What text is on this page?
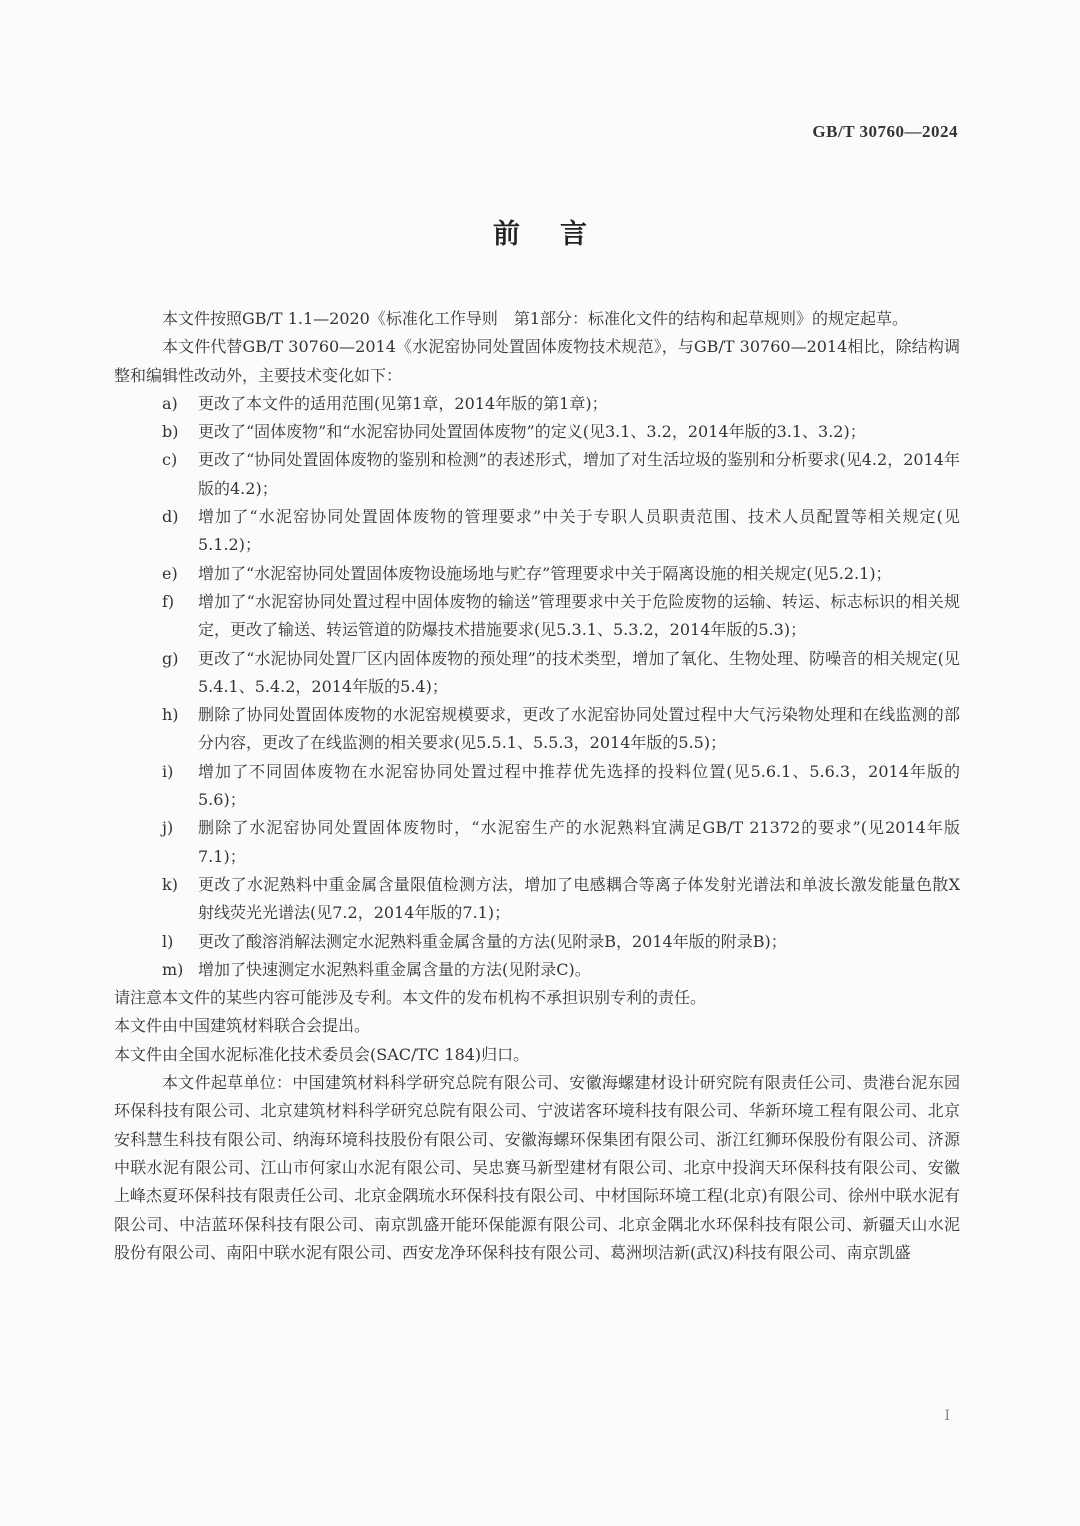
GB/T 30760—2024
前言

本文件按照GB/T 1.1—2020《标准化工作导则　第1部分：标准化文件的结构和起草规则》的规定起草。

本文件代替GB/T 30760—2014《水泥窑协同处置固体废物技术规范》，与GB/T 30760—2014相比，除结构调整和编辑性改动外，主要技术变化如下：

a)	更改了本文件的适用范围(见第1章，2014年版的第1章)；
b)	更改了“固体废物”和“水泥窑协同处置固体废物”的定义(见3.1、3.2，2014年版的3.1、3.2)；
c)	更改了“协同处置固体废物的鉴别和检测”的表述形式，增加了对生活垃圾的鉴别和分析要求(见4.2，2014年版的4.2)；
d)	增加了“水泥窑协同处置固体废物的管理要求”中关于专职人员职责范围、技术人员配置等相关规定(见5.1.2)；
e)	增加了“水泥窑协同处置固体废物设施场地与贮存”管理要求中关于隔离设施的相关规定(见5.2.1)；
f)	增加了“水泥窑协同处置过程中固体废物的输送”管理要求中关于危险废物的运输、转运、标志标识的相关规定，更改了输送、转运管道的防爆技术措施要求(见5.3.1、5.3.2，2014年版的5.3)；
g)	更改了“水泥协同处置厂区内固体废物的预处理”的技术类型，增加了氧化、生物处理、防噪音的相关规定(见5.4.1、5.4.2，2014年版的5.4)；
h)	删除了协同处置固体废物的水泥窑规模要求，更改了水泥窑协同处置过程中大气污染物处理和在线监测的部分内容，更改了在线监测的相关要求(见5.5.1、5.5.3，2014年版的5.5)；
i)	增加了不同固体废物在水泥窑协同处置过程中推荐优先选择的投料位置(见5.6.1、5.6.3，2014年版的5.6)；
j)	删除了水泥窑协同处置固体废物时，“水泥窑生产的水泥熟料宜满足GB/T 21372的要求”(见2014年版7.1)；
k)	更改了水泥熟料中重金属含量限值检测方法，增加了电感耦合等离子体发射光谱法和单波长激发能量色散X射线荧光光谱法(见7.2，2014年版的7.1)；
l)	更改了酸溶消解法测定水泥熟料重金属含量的方法(见附录B，2014年版的附录B)；
m) 增加了快速测定水泥熟料重金属含量的方法(见附录C)。

请注意本文件的某些内容可能涉及专利。本文件的发布机构不承担识别专利的责任。

本文件由中国建筑材料联合会提出。

本文件由全国水泥标准化技术委员会(SAC/TC 184)归口。

本文件起草单位：中国建筑材料科学研究总院有限公司、安徽海螺建材设计研究院有限责任公司、贵港台泥东园环保科技有限公司、北京建筑材料科学研究总院有限公司、宁波诺客环境科技有限公司、华新环境工程有限公司、北京安科慧生科技有限公司、纳海环境科技股份有限公司、安徽海螺环保集团有限公司、浙江红狮环保股份有限公司、济源中联水泥有限公司、江山市何家山水泥有限公司、吴忠赛马新型建材有限公司、北京中投润天环保科技有限公司、安徽上峰杰夏环保科技有限责任公司、北京金隅琉水环保科技有限公司、中材国际环境工程(北京)有限公司、徐州中联水泥有限公司、中洁蓝环保科技有限公司、南京凯盛开能环保能源有限公司、北京金隅北水环保科技有限公司、新疆天山水泥股份有限公司、南阳中联水泥有限公司、西安龙净环保科技有限公司、葛洲坝洁新(武汉)科技有限公司、南京凯盛

I
